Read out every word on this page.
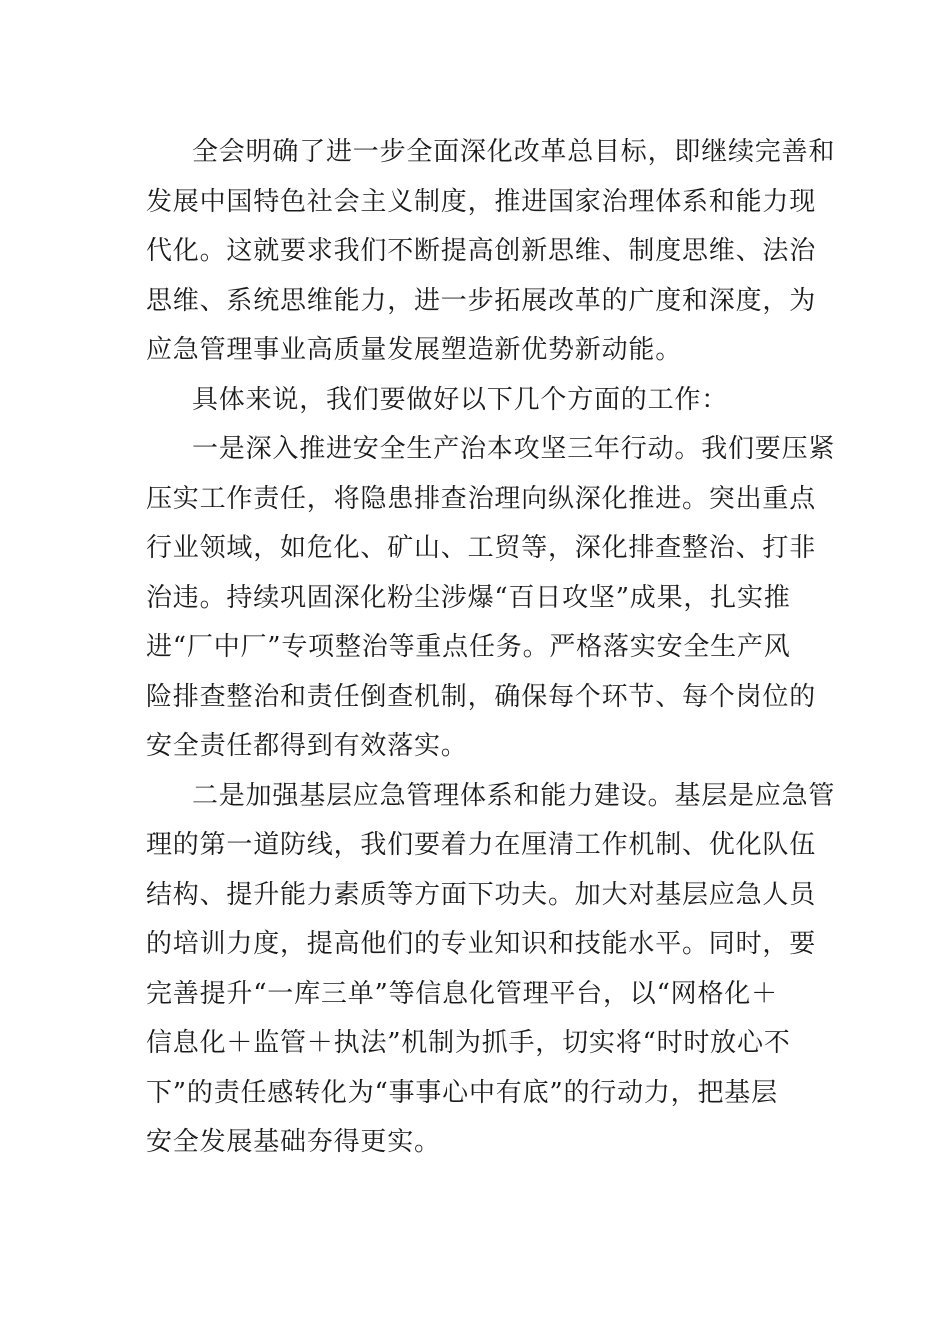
全会明确了进一步全面深化改革总目标，即继续完善和
发展中国特色社会主义制度，推进国家治理体系和能力现
代化。这就要求我们不断提高创新思维、制度思维、法治
思维、系统思维能力，进一步拓展改革的广度和深度，为
应急管理事业高质量发展塑造新优势新动能。
具体来说，我们要做好以下几个方面的工作：
一是深入推进安全生产治本攻坚三年行动。我们要压紧
压实工作责任，将隐患排查治理向纵深化推进。突出重点
行业领域，如危化、矿山、工贸等，深化排查整治、打非
治违。持续巩固深化粉尘涉爆“百日攻坚”成果，扎实推
进“厂中厂”专项整治等重点任务。严格落实安全生产风
险排查整治和责任倒查机制，确保每个环节、每个岗位的
安全责任都得到有效落实。
二是加强基层应急管理体系和能力建设。基层是应急管
理的第一道防线，我们要着力在厘清工作机制、优化队伍
结构、提升能力素质等方面下功夫。加大对基层应急人员
的培训力度，提高他们的专业知识和技能水平。同时，要
完善提升“一库三单”等信息化管理平台，以“网格化＋
信息化＋监管＋执法”机制为抓手，切实将“时时放心不
下”的责任感转化为“事事心中有底”的行动力，把基层
安全发展基础夯得更实。
